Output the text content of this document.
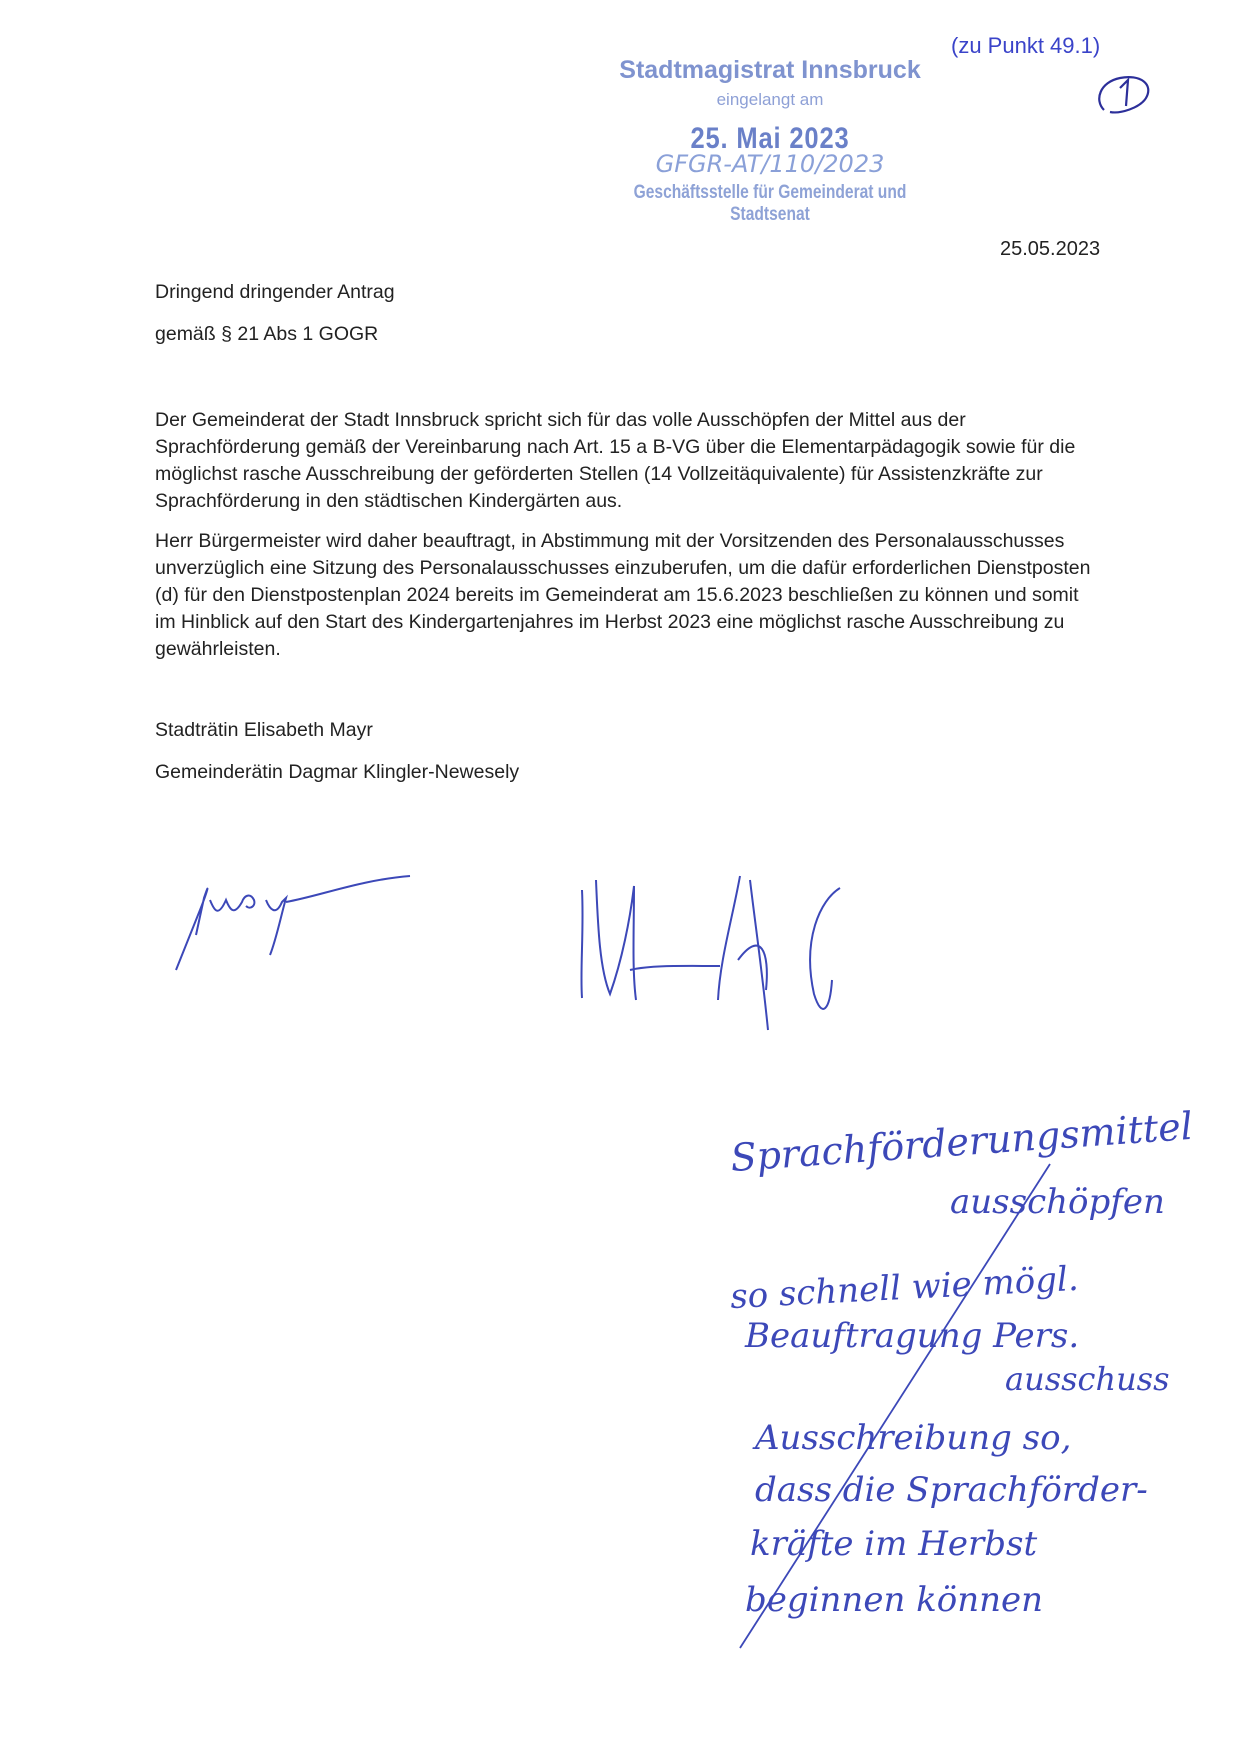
(zu Punkt 49.1)
Stadtmagistrat Innsbruck
eingelangt am
25. Mai 2023
GFGR-AT/110/2023
Geschäftsstelle für Gemeinderat und Stadtsenat
25.05.2023

Dringend dringender Antrag

gemäß § 21 Abs 1 GOGR

Der Gemeinderat der Stadt Innsbruck spricht sich für das volle Ausschöpfen der Mittel aus der Sprachförderung gemäß der Vereinbarung nach Art. 15 a B-VG über die Elementarpädagogik sowie für die möglichst rasche Ausschreibung der geförderten Stellen (14 Vollzeitäquivalente) für Assistenzkräfte zur Sprachförderung in den städtischen Kindergärten aus.

Herr Bürgermeister wird daher beauftragt, in Abstimmung mit der Vorsitzenden des Personalausschusses unverzüglich eine Sitzung des Personalausschusses einzuberufen, um die dafür erforderlichen Dienstposten (d) für den Dienstpostenplan 2024 bereits im Gemeinderat am 15.6.2023 beschließen zu können und somit im Hinblick auf den Start des Kindergartenjahres im Herbst 2023 eine möglichst rasche Ausschreibung zu gewährleisten.

Stadträtin Elisabeth Mayr

Gemeinderätin Dagmar Klingler-Newesely

Sprachförderungsmittel
ausschöpfen
so schnell wie mögl.
Beauftragung Pers.
ausschuss
Ausschreibung so,
dass die Sprachförder-
kräfte im Herbst
beginnen können
